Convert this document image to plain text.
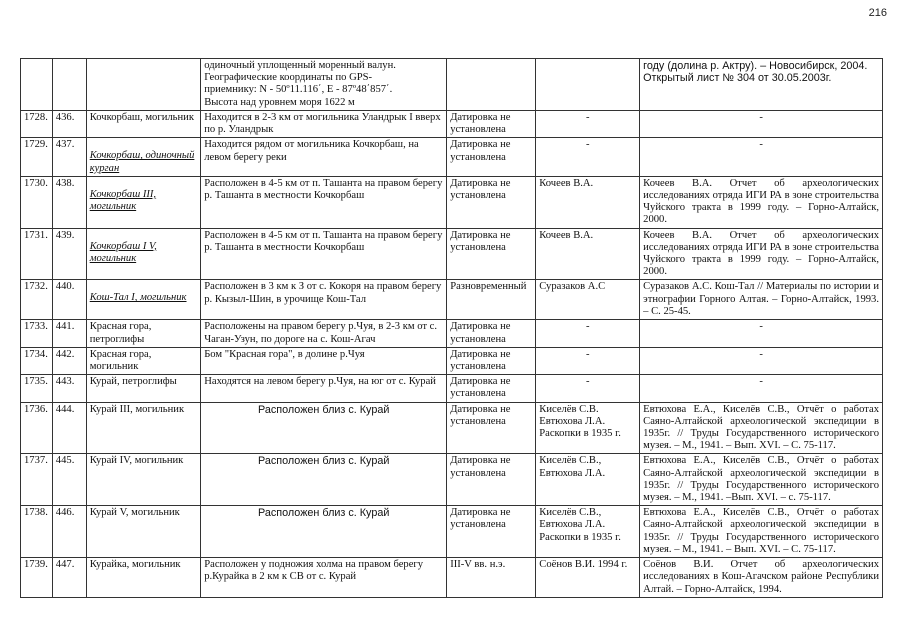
216

			одиночный уплощенный моренный валун.
Географические координаты по GPS-
приемнику: N - 50º11.116΄, E - 87º48΄857΄.
Высота над уровнем моря 1622 м			году (долина р. Актру). – Новосибирск, 2004.
Открытый лист № 304 от 30.05.2003г.

1728.	436.	Кочкорбаш, могильник	Находится в 2-3 км от могильника Уландрык I вверх по р. Уландрык	Датировка не установлена	-	-
1729.	437.	Кочкорбаш, одиночный курган	Находится рядом от могильника Кочкорбаш, на левом берегу реки	Датировка не установлена	-	-
1730.	438.	Кочкорбаш III, могильник	Расположен в 4-5 км от п. Ташанта на правом берегу р. Ташанта в местности Кочкорбаш	Датировка не установлена	Кочеев В.А.	Кочеев В.А. Отчет об археологических исследованиях отряда ИГИ РА в зоне строительства Чуйского тракта в 1999 году. – Горно-Алтайск, 2000.
1731.	439.	Кочкорбаш I V, могильник	Расположен в 4-5 км от п. Ташанта на правом берегу р. Ташанта в местности Кочкорбаш	Датировка не установлена	Кочеев В.А.	Кочеев В.А. Отчет об археологических исследованиях отряда ИГИ РА в зоне строительства Чуйского тракта в 1999 году. – Горно-Алтайск, 2000.
1732.	440.	Кош-Тал I, могильник	Расположен в 3 км к З от с. Кокоря на правом берегу р. Кызыл-Шин, в урочище Кош-Тал	Разновременный	Суразаков А.С	Суразаков А.С. Кош-Тал // Материалы по истории и этнографии Горного Алтая. – Горно-Алтайск, 1993. – С. 25-45.
1733.	441.	Красная гора, петроглифы	Расположены на правом берегу р.Чуя, в 2-3 км от с. Чаган-Узун, по дороге на с. Кош-Агач	Датировка не установлена	-	-
1734.	442.	Красная гора, могильник	Бом "Красная гора", в долине р.Чуя	Датировка не установлена	-	-
1735.	443.	Курай, петроглифы	Находятся на левом берегу р.Чуя, на юг от с. Курай	Датировка не установлена	-	-
1736.	444.	Курай III, могильник	Расположен близ с. Курай	Датировка не установлена	Киселёв С.В. Евтюхова Л.А. Раскопки в 1935 г.	Евтюхова Е.А., Киселёв С.В., Отчёт о работах Саяно-Алтайской археологической экспедиции в 1935г. // Труды Государственного исторического музея. – М., 1941. – Вып. XVI. – С. 75-117.
1737.	445.	Курай IV, могильник	Расположен близ с. Курай	Датировка не установлена	Киселёв С.В., Евтюхова Л.А.	Евтюхова Е.А., Киселёв С.В., Отчёт о работах Саяно-Алтайской археологической экспедиции в 1935г. // Труды Государственного исторического музея. – М., 1941. –Вып. XVI. – с. 75-117.
1738.	446.	Курай V, могильник	Расположен близ с. Курай	Датировка не установлена	Киселёв С.В., Евтюхова Л.А. Раскопки в 1935 г.	Евтюхова Е.А., Киселёв С.В., Отчёт о работах Саяно-Алтайской археологической экспедиции в 1935г. // Труды Государственного исторического музея. – М., 1941. – Вып. XVI. – С. 75-117.
1739.	447.	Курайка, могильник	Расположен у подножия холма на правом берегу р.Курайка в 2 км к СВ от с. Курай	III-V вв. н.э.	Сoёнов В.И. 1994 г.	Сoёнов В.И. Отчет об археологических исследованиях в Кош-Агачском районе Республики Алтай. – Горно-Алтайск, 1994.
